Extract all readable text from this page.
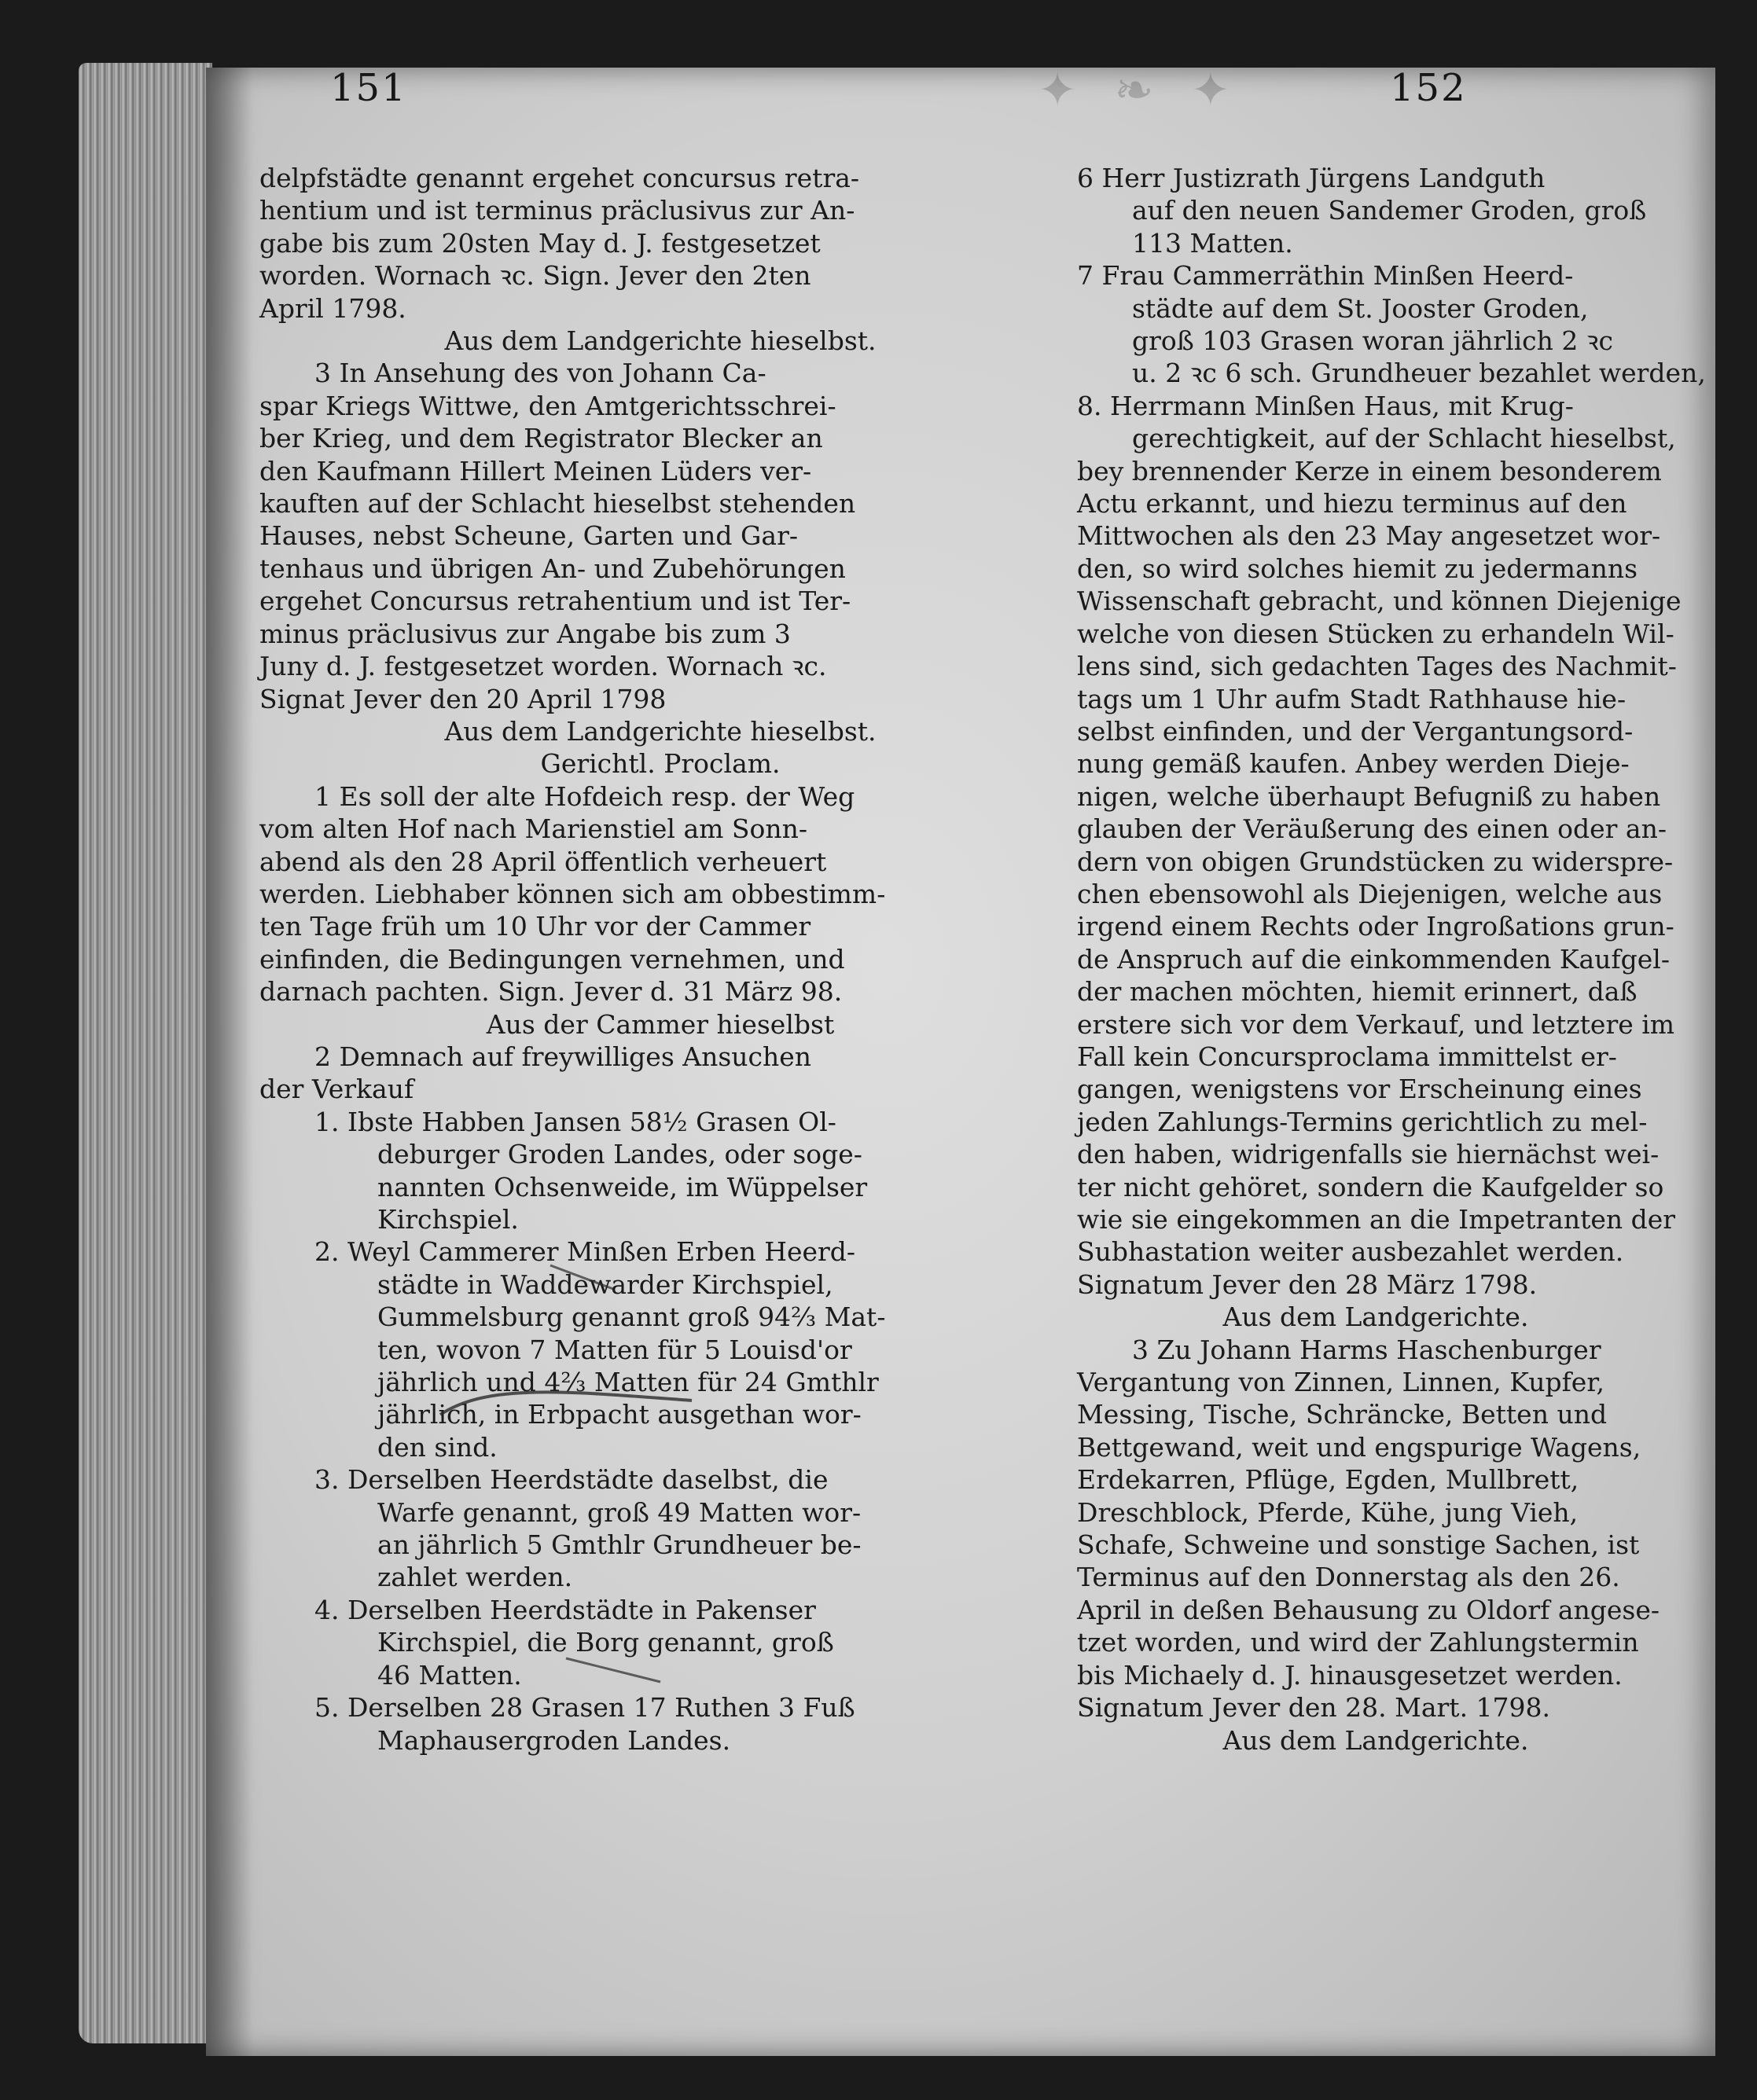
✦ ❧ ✦
151	152

delpfstädte genannt ergehet concursus retra-

hentium und ist terminus präclusivus zur An-

gabe bis zum 20sten May d. J. festgesetzet

worden. Wornach ꝛc. Sign. Jever den 2ten

April 1798.

Aus dem Landgerichte hieselbst.

3 In Ansehung des von Johann Ca-

spar Kriegs Wittwe, den Amtgerichtsschrei-

ber Krieg, und dem Registrator Blecker an

den Kaufmann Hillert Meinen Lüders ver-

kauften auf der Schlacht hieselbst stehenden

Hauses, nebst Scheune, Garten und Gar-

tenhaus und übrigen An- und Zubehörungen

ergehet Concursus retrahentium und ist Ter-

minus präclusivus zur Angabe bis zum 3

Juny d. J. festgesetzet worden. Wornach ꝛc.

Signat Jever den 20 April 1798

Aus dem Landgerichte hieselbst.

Gerichtl. Proclam.

1 Es soll der alte Hofdeich resp. der Weg

vom alten Hof nach Marienstiel am Sonn-

abend als den 28 April öffentlich verheuert

werden. Liebhaber können sich am obbestimm-

ten Tage früh um 10 Uhr vor der Cammer

einfinden, die Bedingungen vernehmen, und

darnach pachten. Sign. Jever d. 31 März 98.

Aus der Cammer hieselbst

2 Demnach auf freywilliges Ansuchen

der Verkauf

1. Ibste Habben Jansen 58½ Grasen Ol-

deburger Groden Landes, oder soge-

nannten Ochsenweide, im Wüppelser

Kirchspiel.

2. Weyl Cammerer Minßen Erben Heerd-

städte in Waddewarder Kirchspiel,

Gummelsburg genannt groß 94⅔ Mat-

ten, wovon 7 Matten für 5 Louisd'or

jährlich und 4⅔ Matten für 24 Gmthlr

jährlich, in Erbpacht ausgethan wor-

den sind.

3. Derselben Heerdstädte daselbst, die

Warfe genannt, groß 49 Matten wor-

an jährlich 5 Gmthlr Grundheuer be-

zahlet werden.

4. Derselben Heerdstädte in Pakenser

Kirchspiel, die Borg genannt, groß

46 Matten.

5. Derselben 28 Grasen 17 Ruthen 3 Fuß

Maphausergroden Landes.

6 Herr Justizrath Jürgens Landguth

auf den neuen Sandemer Groden, groß

113 Matten.

7 Frau Cammerräthin Minßen Heerd-

städte auf dem St. Jooster Groden,

groß 103 Grasen woran jährlich 2 ꝛc

u. 2 ꝛc 6 sch. Grundheuer bezahlet werden,

8. Herrmann Minßen Haus, mit Krug-

gerechtigkeit, auf der Schlacht hieselbst,

bey brennender Kerze in einem besonderem

Actu erkannt, und hiezu terminus auf den

Mittwochen als den 23 May angesetzet wor-

den, so wird solches hiemit zu jedermanns

Wissenschaft gebracht, und können Diejenige

welche von diesen Stücken zu erhandeln Wil-

lens sind, sich gedachten Tages des Nachmit-

tags um 1 Uhr aufm Stadt Rathhause hie-

selbst einfinden, und der Vergantungsord-

nung gemäß kaufen. Anbey werden Dieje-

nigen, welche überhaupt Befugniß zu haben

glauben der Veräußerung des einen oder an-

dern von obigen Grundstücken zu widersprе-

chen ebensowohl als Diejenigen, welche aus

irgend einem Rechts oder Ingroßations grun-

de Anspruch auf die einkommenden Kaufgel-

der machen möchten, hiemit erinnert, daß

erstere sich vor dem Verkauf, und letztere im

Fall kein Concursproclama immittelst er-

gangen, wenigstens vor Erscheinung eines

jeden Zahlungs-Termins gerichtlich zu mel-

den haben, widrigenfalls sie hiernächst wei-

ter nicht gehöret, sondern die Kaufgelder so

wie sie eingekommen an die Impetranten der

Subhastation weiter ausbezahlet werden.

Signatum Jever den 28 März 1798.

Aus dem Landgerichte.

3 Zu Johann Harms Haschenburger

Vergantung von Zinnen, Linnen, Kupfer,

Messing, Tische, Schräncke, Betten und

Bettgewand, weit und engspurige Wagens,

Erdekarren, Pflüge, Egden, Mullbrett,

Dreschblock, Pferde, Kühe, jung Vieh,

Schafe, Schweine und sonstige Sachen, ist

Terminus auf den Donnerstag als den 26.

April in deßen Behausung zu Oldorf angese-

tzet worden, und wird der Zahlungstermin

bis Michaely d. J. hinausgesetzet werden.

Signatum Jever den 28. Mart. 1798.

Aus dem Landgerichte.
